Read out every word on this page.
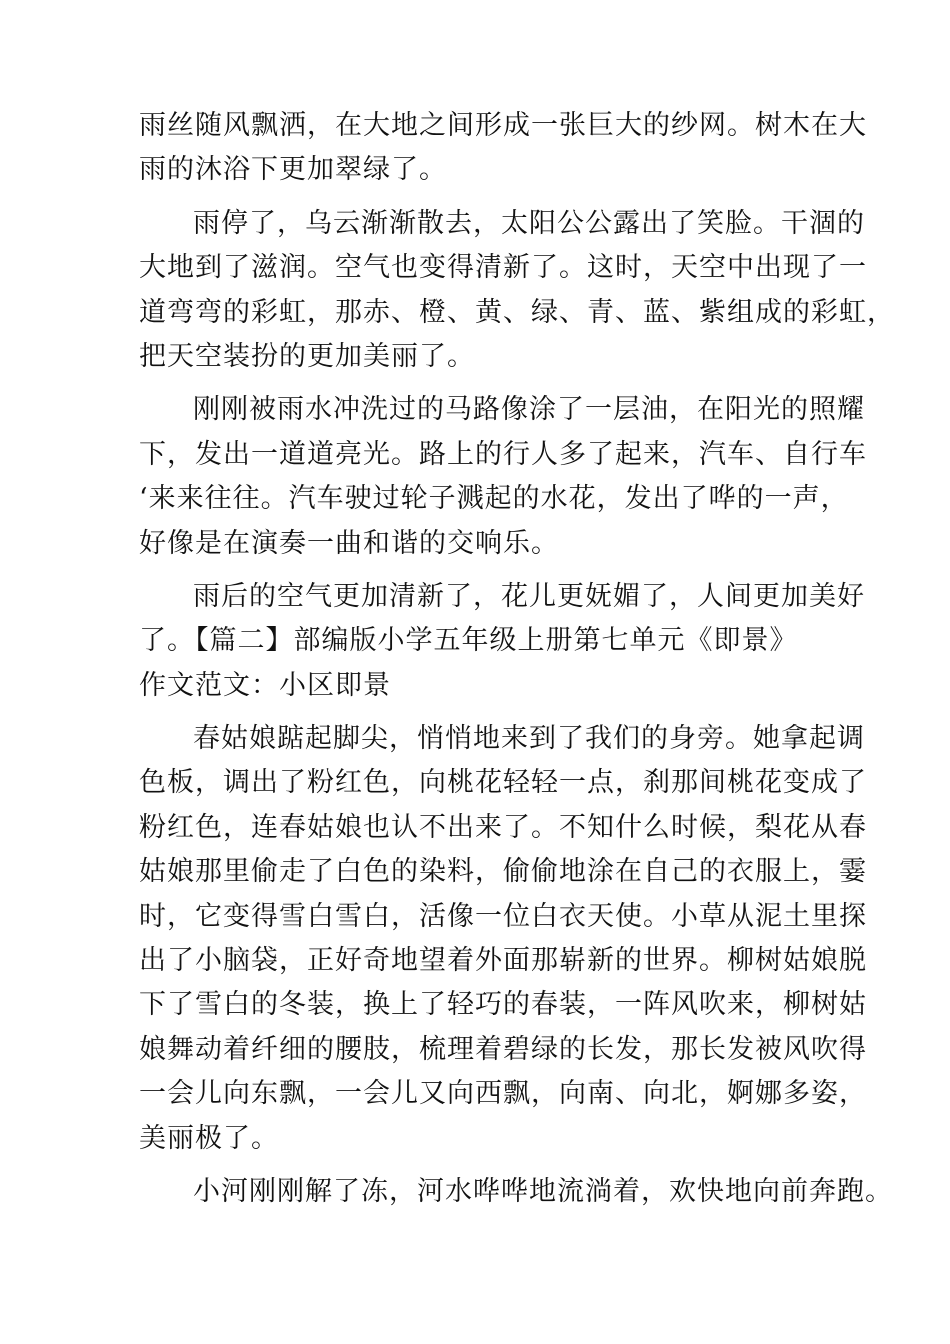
雨丝随风飘洒，在大地之间形成一张巨大的纱网。树木在大
雨的沐浴下更加翠绿了。
雨停了，乌云渐渐散去，太阳公公露出了笑脸。干涸的
大地到了滋润。空气也变得清新了。这时，天空中出现了一
道弯弯的彩虹，那赤、橙、黄、绿、青、蓝、紫组成的彩虹，
把天空装扮的更加美丽了。
刚刚被雨水冲洗过的马路像涂了一层油，在阳光的照耀
下，发出一道道亮光。路上的行人多了起来，汽车、自行车
‘来来往往。汽车驶过轮子溅起的水花，发出了哗的一声，
好像是在演奏一曲和谐的交响乐。
雨后的空气更加清新了，花儿更妩媚了，人间更加美好
了。【篇二】部编版小学五年级上册第七单元《即景》
作文范文：小区即景
春姑娘踮起脚尖，悄悄地来到了我们的身旁。她拿起调
色板，调出了粉红色，向桃花轻轻一点，刹那间桃花变成了
粉红色，连春姑娘也认不出来了。不知什么时候，梨花从春
姑娘那里偷走了白色的染料，偷偷地涂在自己的衣服上，霎
时，它变得雪白雪白，活像一位白衣天使。小草从泥土里探
出了小脑袋，正好奇地望着外面那崭新的世界。柳树姑娘脱
下了雪白的冬装，换上了轻巧的春装，一阵风吹来，柳树姑
娘舞动着纤细的腰肢，梳理着碧绿的长发，那长发被风吹得
一会儿向东飘，一会儿又向西飘，向南、向北，婀娜多姿，
美丽极了。
小河刚刚解了冻，河水哗哗地流淌着，欢快地向前奔跑。
